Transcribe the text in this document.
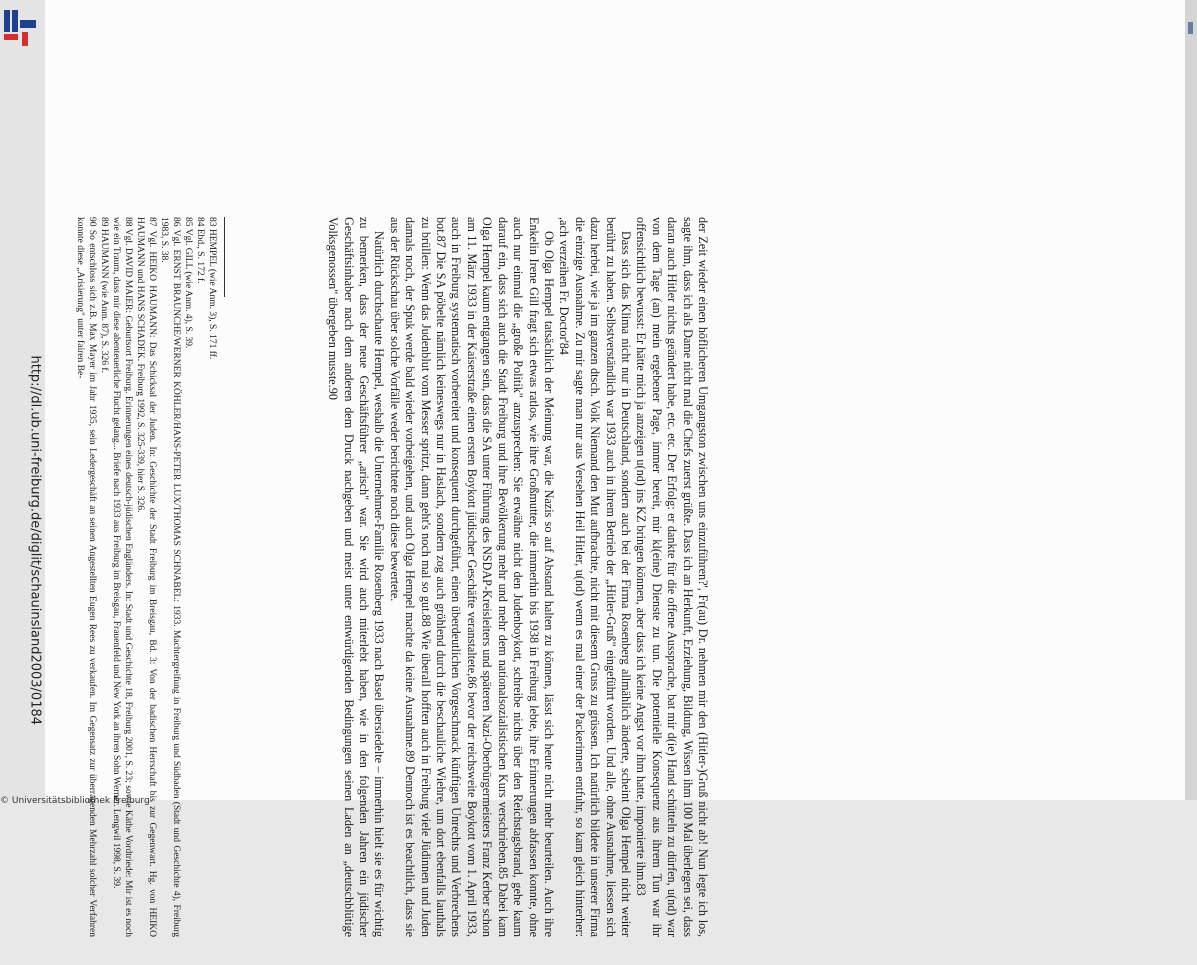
http://dl.ub.uni-freiburg.de/diglit/schauinsland2003/0184	der Zeit wieder einen höflicheren Umgangston zwischen uns einzuführen?', Fr(au) Dr. nehmen mir den (Hitler-)Gruß nicht ab! Nun legte ich los, sagte ihm, dass ich als Dame nicht mal die Chefs zuerst grüßte. Dass ich an Herkunft, Erziehung, Bildung, Wissen ihm 100 Mal überlegen sei, dass daran auch Hitler nichts geändert habe, etc. etc. Der Erfolg: er dankte für die offene Aussprache, bat mir d(ie) Hand schütteln zu dürfen, u(nd) war von dem Tage (an) mein ergebener Page, immer bereit, mir kl(eine) Dienste zu tun. Die potentielle Konsequenz aus ihrem Tun war ihr offensichtlich bewusst: Er hätte mich ja anzeigen u(nd) ins KZ bringen können, aber dass ich keine Angst vor ihm hatte, imponierte ihm.83

Dass sich das Klima nicht nur in Deutschland, sondern auch bei der Firma Rosenberg allmählich änderte, scheint Olga Hempel nicht weiter berührt zu haben. Selbstverständlich war 1933 auch in ihrem Betrieb der „Hitler-Gruß" eingeführt worden. Und alle, ohne Ausnahme, liessen sich dazu herbei, wie ja im ganzen dtsch. Volk Niemand den Mut aufbrachte, nicht mit diesem Gruss zu grüssen. Ich natürlich bildete in unserer Firma die einzige Ausnahme. Zu mir sagte man nur aus Versehen Heil Hitler, u(nd) wenn es mal einer der Packerinnen entfuhr, so kam gleich hinterher: ,ach verzeihen Fr. Doctor'84

Ob Olga Hempel tatsächlich der Meinung war, die Nazis so auf Abstand halten zu können, lässt sich heute nicht mehr beurteilen. Auch ihre Enkelin Irene Gill fragt sich etwas ratlos, wie ihre Großmutter, die immerhin bis 1938 in Freiburg lebte, ihre Erinnerungen abfassen konnte, ohne auch nur einmal die „große Politik" anzusprechen: Sie erwähne nicht den Judenboykott, schreibe nichts über den Reichstagsbrand, gehe kaum darauf ein, dass sich auch die Stadt Freiburg und ihre Bevölkerung mehr und mehr dem nationalsozialistischen Kurs verschrieben.85 Dabei kam Olga Hempel kaum entgangen sein, dass die SA unter Führung des NSDAP-Kreisleiters und späteren Nazi-Oberbürgermeisters Franz Kerber schon am 11. März 1933 in der Kaiserstraße einen ersten Boykott jüdischer Geschäfte veranstaltete,86 bevor der reichsweite Boykott vom 1. April 1933, auch in Freiburg systematisch vorbereitet und konsequent durchgeführt, einen überdeutlichen Vorgeschmack künftigen Unrechts und Verbrechens bot.87 Die SA pöbelte nämlich keineswegs nur in Haslach, sondern zog auch gröhlend durch die beschauliche Wiehre, um dort ebenfalls lauthals zu brüllen: Wenn das Judenblut vom Messer spritzt, dann geht's noch mal so gut.88 Wie überall hofften auch in Freiburg viele Jüdinnen und Juden damals noch, der Spuk werde bald wieder vorbeigehen, und auch Olga Hempel machte da keine Ausnahme.89 Dennoch ist es beachtlich, dass sie aus der Rückschau über solche Vorfälle weder berichtete noch diese bewertete.

Natürlich durchschaute Hempel, weshalb die Unternehmer-Familie Rosenberg 1933 nach Basel übersiedelte – immerhin hielt sie es für wichtig zu bemerken, dass der neue Geschäftsführer „arisch" war. Sie wird auch miterlebt haben, wie in den folgenden Jahren ein jüdischer Geschäftsinhaber nach dem anderen dem Druck nachgeben und meist unter entwürdigenden Bedingungen seinen Laden an „deutschblütige Volksgenossen" übergeben musste.90

83 HEMPEL (wie Anm. 3), S. 171 ff.

84 Ebd., S. 172 f.

85 Vgl. GILL (wie Anm. 4), S. 39.

86 Vgl. ERNST BRAUNCHE/WERNER KÖHLER/HANS-PETER LUX/THOMAS SCHNABEL: 1933. Machtergreifung in Freiburg und Südbaden (Stadt und Geschichte 4), Freiburg 1983, S. 38.

87 Vgl. HEIKO HAUMANN: Das Schicksal der Juden. In: Geschichte der Stadt Freiburg im Breisgau, Bd. 3: Von der badischen Herrschaft bis zur Gegenwart. Hg. von HEIKO HAUMANN und HANS SCHADEK. Freiburg 1992, S. 325-339, hier S. 326.

88 Vgl. DAVID MAIER: Geburtsort Freiburg. Erinnerungen eines deutsch-jüdischen Engländers. In: Stadt und Geschichte 18, Freiburg 2001, S. 23; sowie Käthe Vordtriede: Mir ist es noch wie ein Traum, dass mir diese abenteuerliche Flucht gelang... Briefe nach 1933 aus Freiburg im Breisgau, Frauenfeld und New York an ihren Sohn Werner. Lengwil 1998, S. 39.

89 HAUMANN (wie Anm. 87), S. 326 f.

90 So entschloss sich z.B. Max Mayer im Jahr 1935, sein Ledergeschäft an seinen Angestellten Eugen Rees zu verkaufen. Im Gegensatz zur überragenden Mehrzahl solcher Verfahren konnte diese „Arisierung" unter fairen Be-

© Universitätsbibliothek Freiburg
